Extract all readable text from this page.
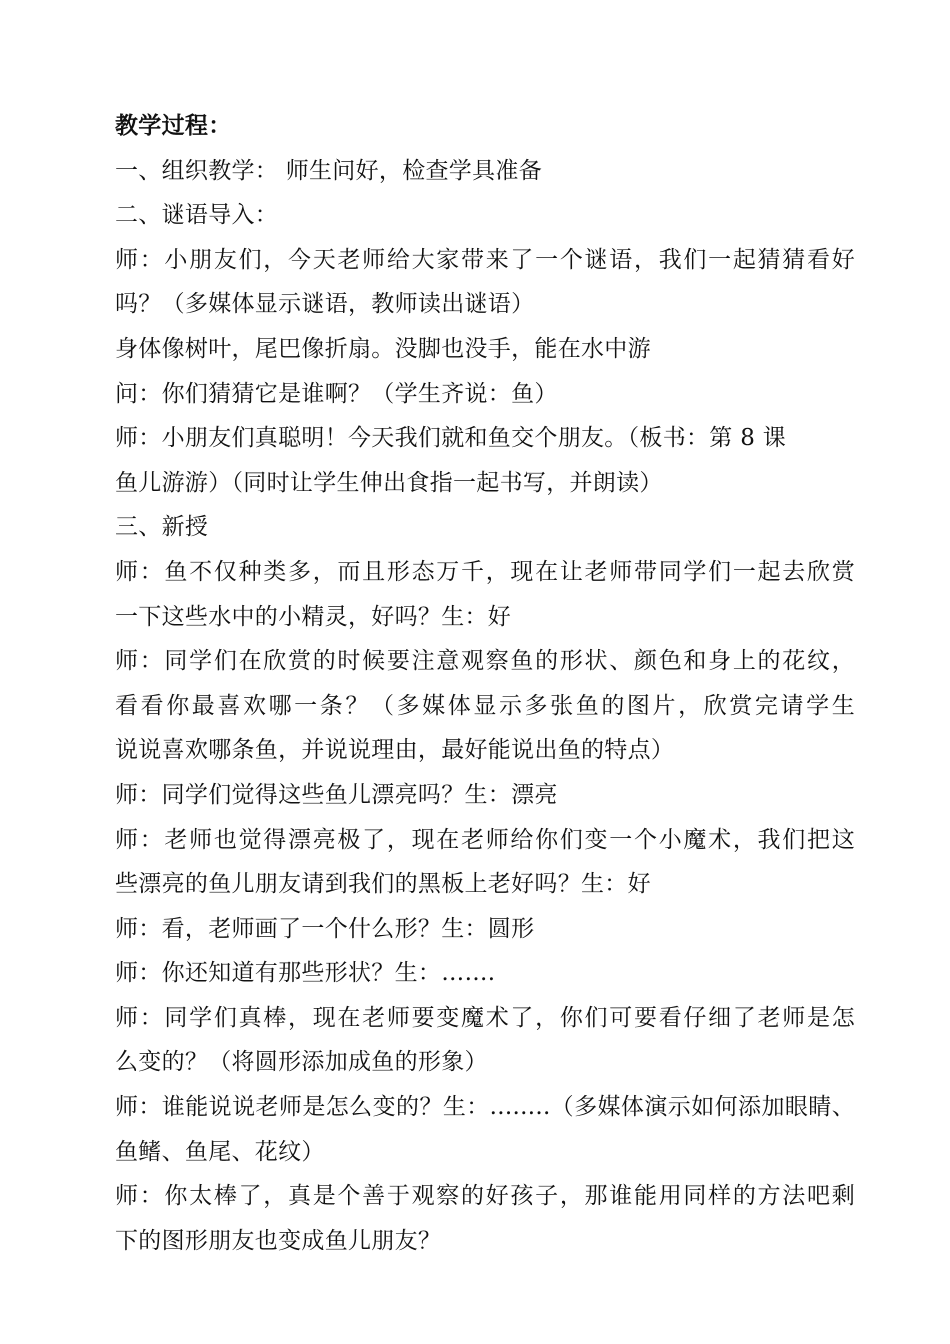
教学过程：
一、组织教学： 师生问好，检查学具准备
二、谜语导入：
师：小朋友们，今天老师给大家带来了一个谜语，我们一起猜猜看好
吗？（多媒体显示谜语，教师读出谜语）
身体像树叶，尾巴像折扇。没脚也没手，能在水中游
问：你们猜猜它是谁啊？（学生齐说：鱼）
师：小朋友们真聪明！今天我们就和鱼交个朋友。（板书：第 8 课
鱼儿游游）（同时让学生伸出食指一起书写，并朗读）
三、新授
师：鱼不仅种类多，而且形态万千，现在让老师带同学们一起去欣赏
一下这些水中的小精灵，好吗？生：好
师：同学们在欣赏的时候要注意观察鱼的形状、颜色和身上的花纹，
看看你最喜欢哪一条？（多媒体显示多张鱼的图片，欣赏完请学生
说说喜欢哪条鱼，并说说理由，最好能说出鱼的特点）
师：同学们觉得这些鱼儿漂亮吗？生：漂亮
师：老师也觉得漂亮极了，现在老师给你们变一个小魔术，我们把这
些漂亮的鱼儿朋友请到我们的黑板上老好吗？生：好
师：看，老师画了一个什么形？生：圆形
师：你还知道有那些形状？生：…….
师：同学们真棒，现在老师要变魔术了，你们可要看仔细了老师是怎
么变的？（将圆形添加成鱼的形象）
师：谁能说说老师是怎么变的？生：........（多媒体演示如何添加眼睛、
鱼鳍、鱼尾、花纹）
师：你太棒了，真是个善于观察的好孩子，那谁能用同样的方法吧剩
下的图形朋友也变成鱼儿朋友？
